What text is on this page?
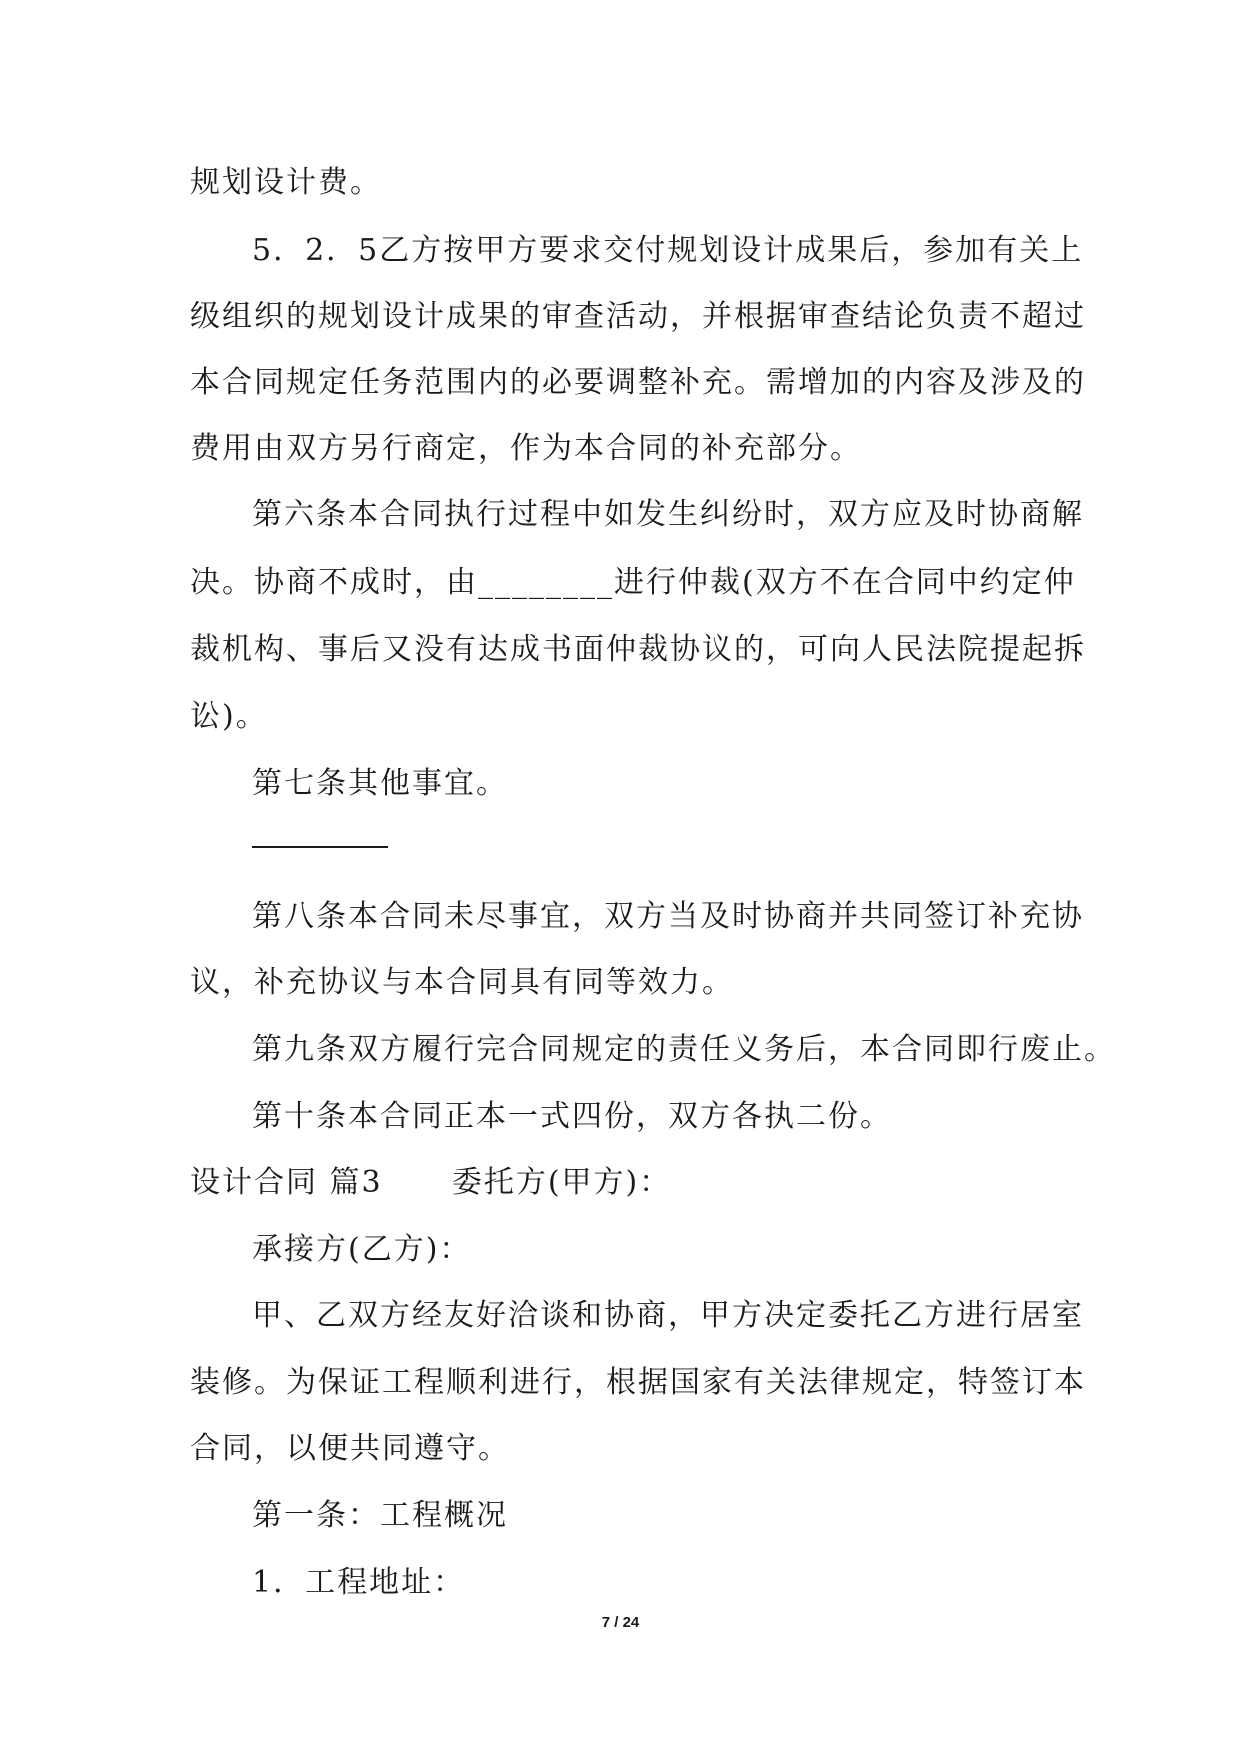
规划设计费。
5．2．5乙方按甲方要求交付规划设计成果后，参加有关上
级组织的规划设计成果的审查活动，并根据审查结论负责不超过
本合同规定任务范围内的必要调整补充。需增加的内容及涉及的
费用由双方另行商定，作为本合同的补充部分。
第六条本合同执行过程中如发生纠纷时，双方应及时协商解
决。协商不成时，由________进行仲裁(双方不在合同中约定仲
裁机构、事后又没有达成书面仲裁协议的，可向人民法院提起拆
讼)。
第七条其他事宜。
第八条本合同未尽事宜，双方当及时协商并共同签订补充协
议，补充协议与本合同具有同等效力。
第九条双方履行完合同规定的责任义务后，本合同即行废止。
第十条本合同正本一式四份，双方各执二份。
设计合同 篇3      委托方(甲方)：
承接方(乙方)：
甲、乙双方经友好洽谈和协商，甲方决定委托乙方进行居室
装修。为保证工程顺利进行，根据国家有关法律规定，特签订本
合同，以便共同遵守。
第一条：工程概况
1．工程地址：
7 / 24
